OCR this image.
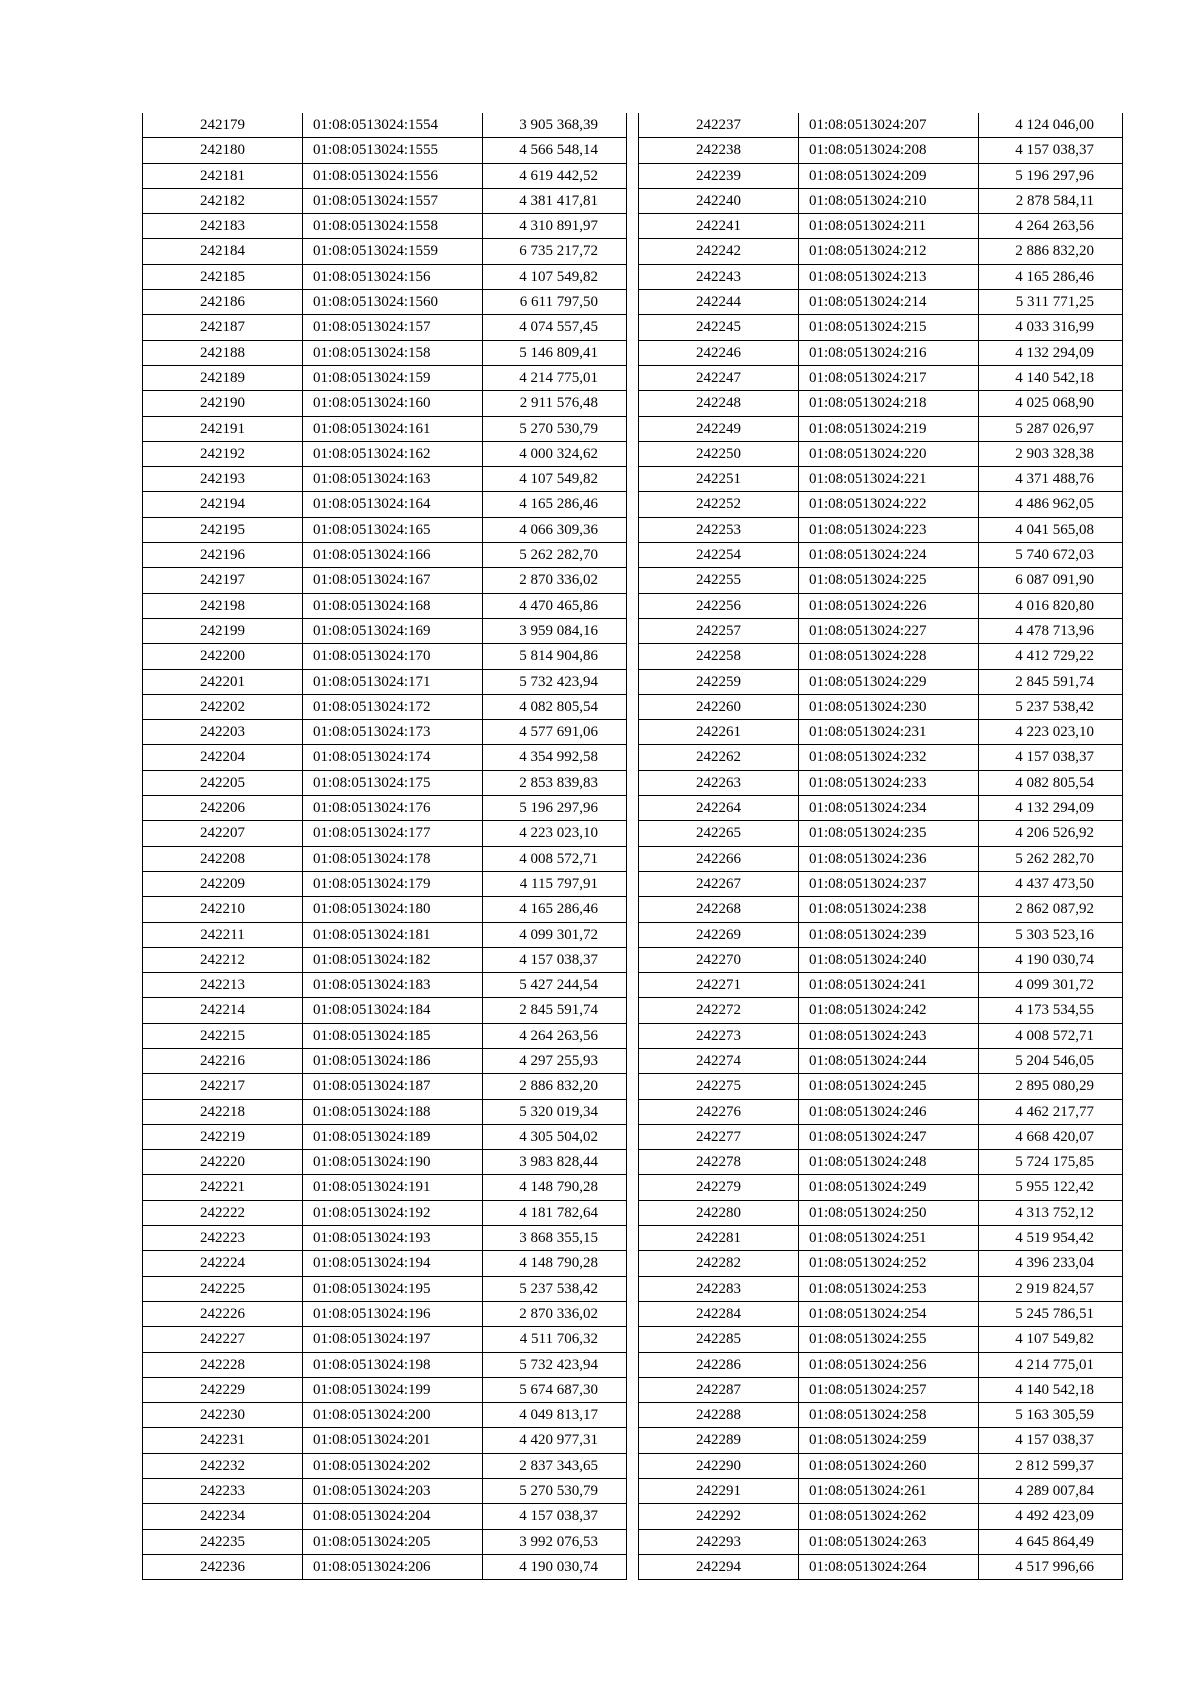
242179	01:08:0513024:1554	3 905 368,39
242180	01:08:0513024:1555	4 566 548,14
242181	01:08:0513024:1556	4 619 442,52
242182	01:08:0513024:1557	4 381 417,81
242183	01:08:0513024:1558	4 310 891,97
242184	01:08:0513024:1559	6 735 217,72
242185	01:08:0513024:156	4 107 549,82
242186	01:08:0513024:1560	6 611 797,50
242187	01:08:0513024:157	4 074 557,45
242188	01:08:0513024:158	5 146 809,41
242189	01:08:0513024:159	4 214 775,01
242190	01:08:0513024:160	2 911 576,48
242191	01:08:0513024:161	5 270 530,79
242192	01:08:0513024:162	4 000 324,62
242193	01:08:0513024:163	4 107 549,82
242194	01:08:0513024:164	4 165 286,46
242195	01:08:0513024:165	4 066 309,36
242196	01:08:0513024:166	5 262 282,70
242197	01:08:0513024:167	2 870 336,02
242198	01:08:0513024:168	4 470 465,86
242199	01:08:0513024:169	3 959 084,16
242200	01:08:0513024:170	5 814 904,86
242201	01:08:0513024:171	5 732 423,94
242202	01:08:0513024:172	4 082 805,54
242203	01:08:0513024:173	4 577 691,06
242204	01:08:0513024:174	4 354 992,58
242205	01:08:0513024:175	2 853 839,83
242206	01:08:0513024:176	5 196 297,96
242207	01:08:0513024:177	4 223 023,10
242208	01:08:0513024:178	4 008 572,71
242209	01:08:0513024:179	4 115 797,91
242210	01:08:0513024:180	4 165 286,46
242211	01:08:0513024:181	4 099 301,72
242212	01:08:0513024:182	4 157 038,37
242213	01:08:0513024:183	5 427 244,54
242214	01:08:0513024:184	2 845 591,74
242215	01:08:0513024:185	4 264 263,56
242216	01:08:0513024:186	4 297 255,93
242217	01:08:0513024:187	2 886 832,20
242218	01:08:0513024:188	5 320 019,34
242219	01:08:0513024:189	4 305 504,02
242220	01:08:0513024:190	3 983 828,44
242221	01:08:0513024:191	4 148 790,28
242222	01:08:0513024:192	4 181 782,64
242223	01:08:0513024:193	3 868 355,15
242224	01:08:0513024:194	4 148 790,28
242225	01:08:0513024:195	5 237 538,42
242226	01:08:0513024:196	2 870 336,02
242227	01:08:0513024:197	4 511 706,32
242228	01:08:0513024:198	5 732 423,94
242229	01:08:0513024:199	5 674 687,30
242230	01:08:0513024:200	4 049 813,17
242231	01:08:0513024:201	4 420 977,31
242232	01:08:0513024:202	2 837 343,65
242233	01:08:0513024:203	5 270 530,79
242234	01:08:0513024:204	4 157 038,37
242235	01:08:0513024:205	3 992 076,53
242236	01:08:0513024:206	4 190 030,74
242237	01:08:0513024:207	4 124 046,00
242238	01:08:0513024:208	4 157 038,37
242239	01:08:0513024:209	5 196 297,96
242240	01:08:0513024:210	2 878 584,11
242241	01:08:0513024:211	4 264 263,56
242242	01:08:0513024:212	2 886 832,20
242243	01:08:0513024:213	4 165 286,46
242244	01:08:0513024:214	5 311 771,25
242245	01:08:0513024:215	4 033 316,99
242246	01:08:0513024:216	4 132 294,09
242247	01:08:0513024:217	4 140 542,18
242248	01:08:0513024:218	4 025 068,90
242249	01:08:0513024:219	5 287 026,97
242250	01:08:0513024:220	2 903 328,38
242251	01:08:0513024:221	4 371 488,76
242252	01:08:0513024:222	4 486 962,05
242253	01:08:0513024:223	4 041 565,08
242254	01:08:0513024:224	5 740 672,03
242255	01:08:0513024:225	6 087 091,90
242256	01:08:0513024:226	4 016 820,80
242257	01:08:0513024:227	4 478 713,96
242258	01:08:0513024:228	4 412 729,22
242259	01:08:0513024:229	2 845 591,74
242260	01:08:0513024:230	5 237 538,42
242261	01:08:0513024:231	4 223 023,10
242262	01:08:0513024:232	4 157 038,37
242263	01:08:0513024:233	4 082 805,54
242264	01:08:0513024:234	4 132 294,09
242265	01:08:0513024:235	4 206 526,92
242266	01:08:0513024:236	5 262 282,70
242267	01:08:0513024:237	4 437 473,50
242268	01:08:0513024:238	2 862 087,92
242269	01:08:0513024:239	5 303 523,16
242270	01:08:0513024:240	4 190 030,74
242271	01:08:0513024:241	4 099 301,72
242272	01:08:0513024:242	4 173 534,55
242273	01:08:0513024:243	4 008 572,71
242274	01:08:0513024:244	5 204 546,05
242275	01:08:0513024:245	2 895 080,29
242276	01:08:0513024:246	4 462 217,77
242277	01:08:0513024:247	4 668 420,07
242278	01:08:0513024:248	5 724 175,85
242279	01:08:0513024:249	5 955 122,42
242280	01:08:0513024:250	4 313 752,12
242281	01:08:0513024:251	4 519 954,42
242282	01:08:0513024:252	4 396 233,04
242283	01:08:0513024:253	2 919 824,57
242284	01:08:0513024:254	5 245 786,51
242285	01:08:0513024:255	4 107 549,82
242286	01:08:0513024:256	4 214 775,01
242287	01:08:0513024:257	4 140 542,18
242288	01:08:0513024:258	5 163 305,59
242289	01:08:0513024:259	4 157 038,37
242290	01:08:0513024:260	2 812 599,37
242291	01:08:0513024:261	4 289 007,84
242292	01:08:0513024:262	4 492 423,09
242293	01:08:0513024:263	4 645 864,49
242294	01:08:0513024:264	4 517 996,66
